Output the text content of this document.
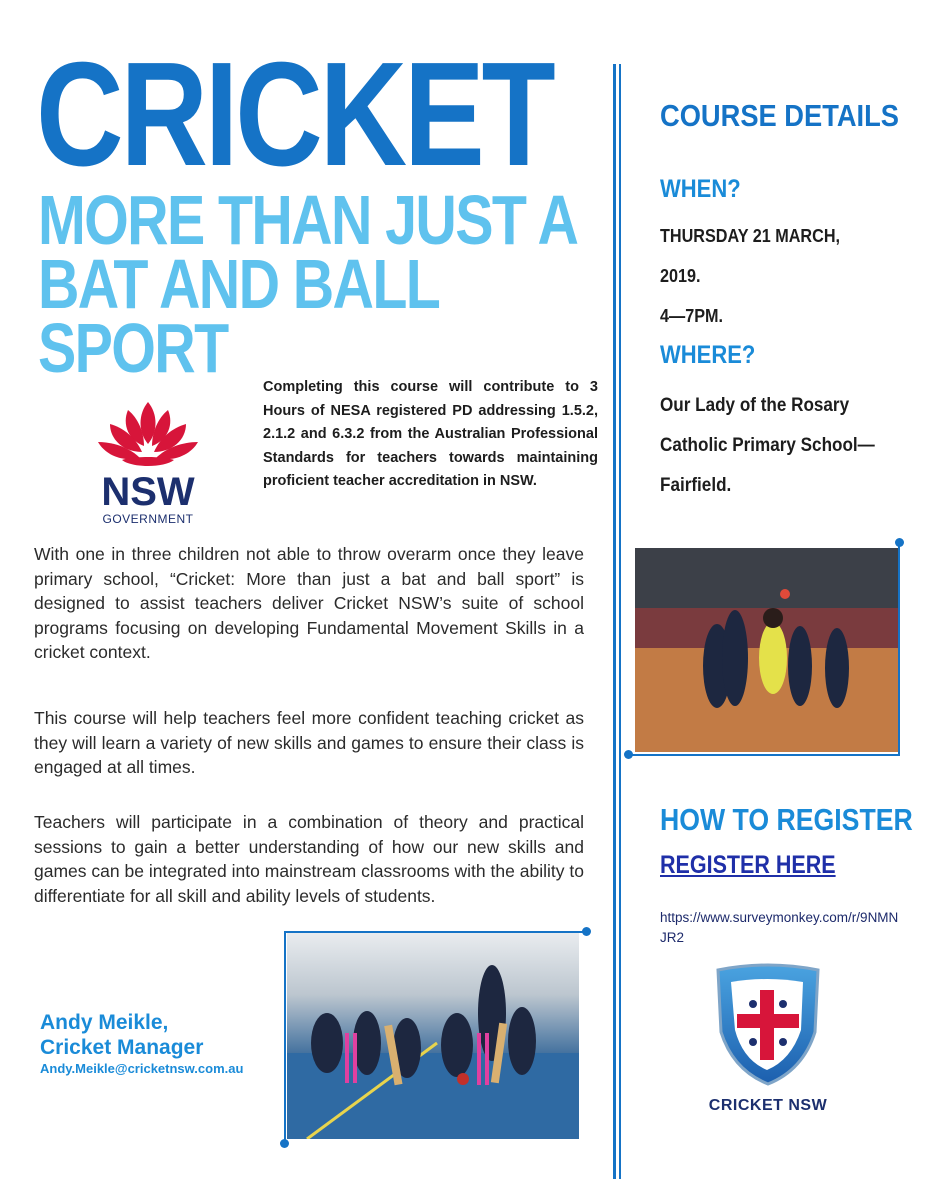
CRICKET
MORE THAN JUST A
BAT AND BALL
SPORT
NSW
GOVERNMENT
Completing this course will contribute to 3 Hours of NESA registered PD addressing 1.5.2, 2.1.2 and 6.3.2 from the Australian Professional Standards for teachers towards maintaining proficient teacher accreditation in NSW.
With one in three children not able to throw overarm once they leave primary school, “Cricket: More than just a bat and ball sport” is designed to assist teachers deliver Cricket NSW’s suite of school programs focusing on developing Fundamental Movement Skills in a cricket context.
This course will help teachers feel more confident teaching cricket as they will learn a variety of new skills and games to ensure their class is engaged at all times.
Teachers will participate in a combination of theory and practical sessions to gain a better understanding of how our new skills and games can be integrated into mainstream classrooms with the ability to differentiate for all skill and ability levels of students.
Andy Meikle,
Cricket Manager
Andy.Meikle@cricketnsw.com.au
COURSE DETAILS
WHEN?
THURSDAY 21 MARCH,
2019.
4—7PM.
WHERE?
Our Lady of the Rosary Catholic Primary School—Fairfield.
HOW TO REGISTER
REGISTER HERE
https://www.surveymonkey.com/r/9NMNJR2
CRICKET NSW
